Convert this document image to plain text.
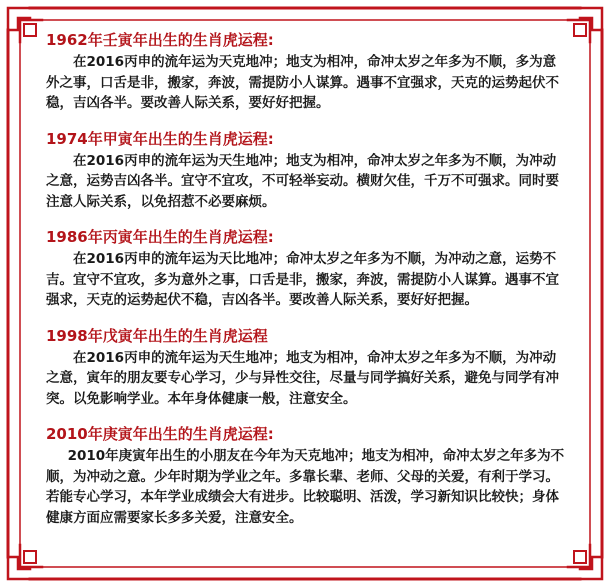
1962年壬寅年出生的生肖虎运程:

在2016丙申的流年运为天克地冲；地支为相冲，命冲太岁之年多为不顺，多为意外之事，口舌是非，搬家，奔波，需提防小人谋算。遇事不宜强求，天克的运势起伏不稳，吉凶各半。要改善人际关系，要好好把握。

1974年甲寅年出生的生肖虎运程:

在2016丙申的流年运为天生地冲；地支为相冲，命冲太岁之年多为不顺，为冲动之意，运势吉凶各半。宜守不宜攻，不可轻举妄动。横财欠佳，千万不可强求。同时要注意人际关系，以免招惹不必要麻烦。

1986年丙寅年出生的生肖虎运程:

在2016丙申的流年运为天比地冲；命冲太岁之年多为不顺，为冲动之意，运势不吉。宜守不宜攻，多为意外之事，口舌是非，搬家，奔波，需提防小人谋算。遇事不宜强求，天克的运势起伏不稳，吉凶各半。要改善人际关系，要好好把握。

1998年戊寅年出生的生肖虎运程

在2016丙申的流年运为天生地冲；地支为相冲，命冲太岁之年多为不顺，为冲动之意，寅年的朋友要专心学习，少与异性交往，尽量与同学搞好关系，避免与同学有冲突。以免影响学业。本年身体健康一般，注意安全。

2010年庚寅年出生的生肖虎运程:

2010年庚寅年出生的小朋友在今年为天克地冲；地支为相冲，命冲太岁之年多为不顺，为冲动之意。少年时期为学业之年。多靠长辈、老师、父母的关爱，有利于学习。若能专心学习，本年学业成绩会大有进步。比较聪明、活泼，学习新知识比较快；身体健康方面应需要家长多多关爱，注意安全。
